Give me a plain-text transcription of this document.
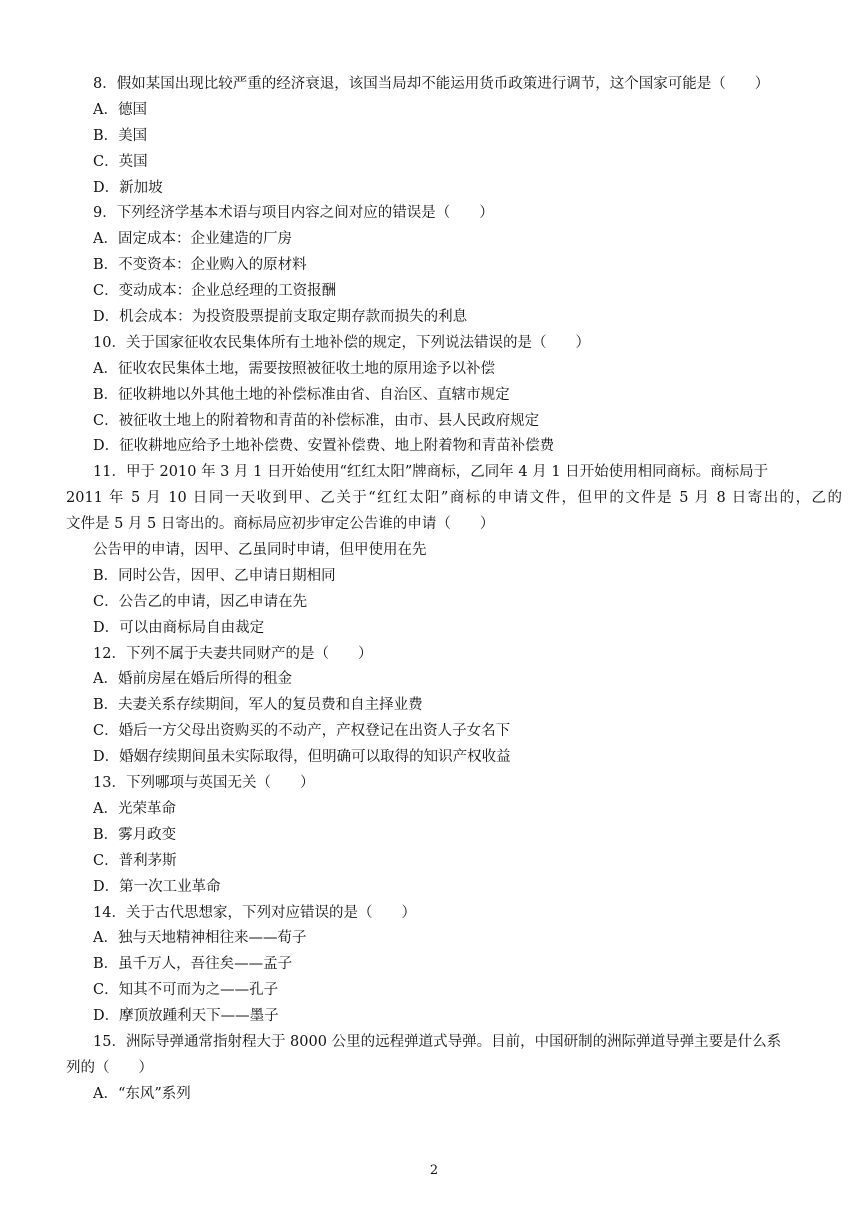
8．假如某国出现比较严重的经济衰退，该国当局却不能运用货币政策进行调节，这个国家可能是（　　）
A．德国
B．美国
C．英国
D．新加坡
9．下列经济学基本术语与项目内容之间对应的错误是（　　）
A．固定成本：企业建造的厂房
B．不变资本：企业购入的原材料
C．变动成本：企业总经理的工资报酬
D．机会成本：为投资股票提前支取定期存款而损失的利息
10．关于国家征收农民集体所有土地补偿的规定，下列说法错误的是（　　）
A．征收农民集体土地，需要按照被征收土地的原用途予以补偿
B．征收耕地以外其他土地的补偿标准由省、自治区、直辖市规定
C．被征收土地上的附着物和青苗的补偿标准，由市、县人民政府规定
D．征收耕地应给予土地补偿费、安置补偿费、地上附着物和青苗补偿费
11．甲于 2010 年 3 月 1 日开始使用“红红太阳”牌商标，乙同年 4 月 1 日开始使用相同商标。商标局于
2011 年 5 月 10 日同一天收到甲、乙关于“红红太阳”商标的申请文件，但甲的文件是 5 月 8 日寄出的，乙的
文件是 5 月 5 日寄出的。商标局应初步审定公告谁的申请（　　）
公告甲的申请，因甲、乙虽同时申请，但甲使用在先
B．同时公告，因甲、乙申请日期相同
C．公告乙的申请，因乙申请在先
D．可以由商标局自由裁定
12．下列不属于夫妻共同财产的是（　　）
A．婚前房屋在婚后所得的租金
B．夫妻关系存续期间，军人的复员费和自主择业费
C．婚后一方父母出资购买的不动产，产权登记在出资人子女名下
D．婚姻存续期间虽未实际取得，但明确可以取得的知识产权收益
13．下列哪项与英国无关（　　）
A．光荣革命
B．雾月政变
C．普利茅斯
D．第一次工业革命
14．关于古代思想家，下列对应错误的是（　　）
A．独与天地精神相往来——荀子
B．虽千万人，吾往矣——孟子
C．知其不可而为之——孔子
D．摩顶放踵利天下——墨子
15．洲际导弹通常指射程大于 8000 公里的远程弹道式导弹。目前，中国研制的洲际弹道导弹主要是什么系
列的（　　）
A．“东风”系列
2
